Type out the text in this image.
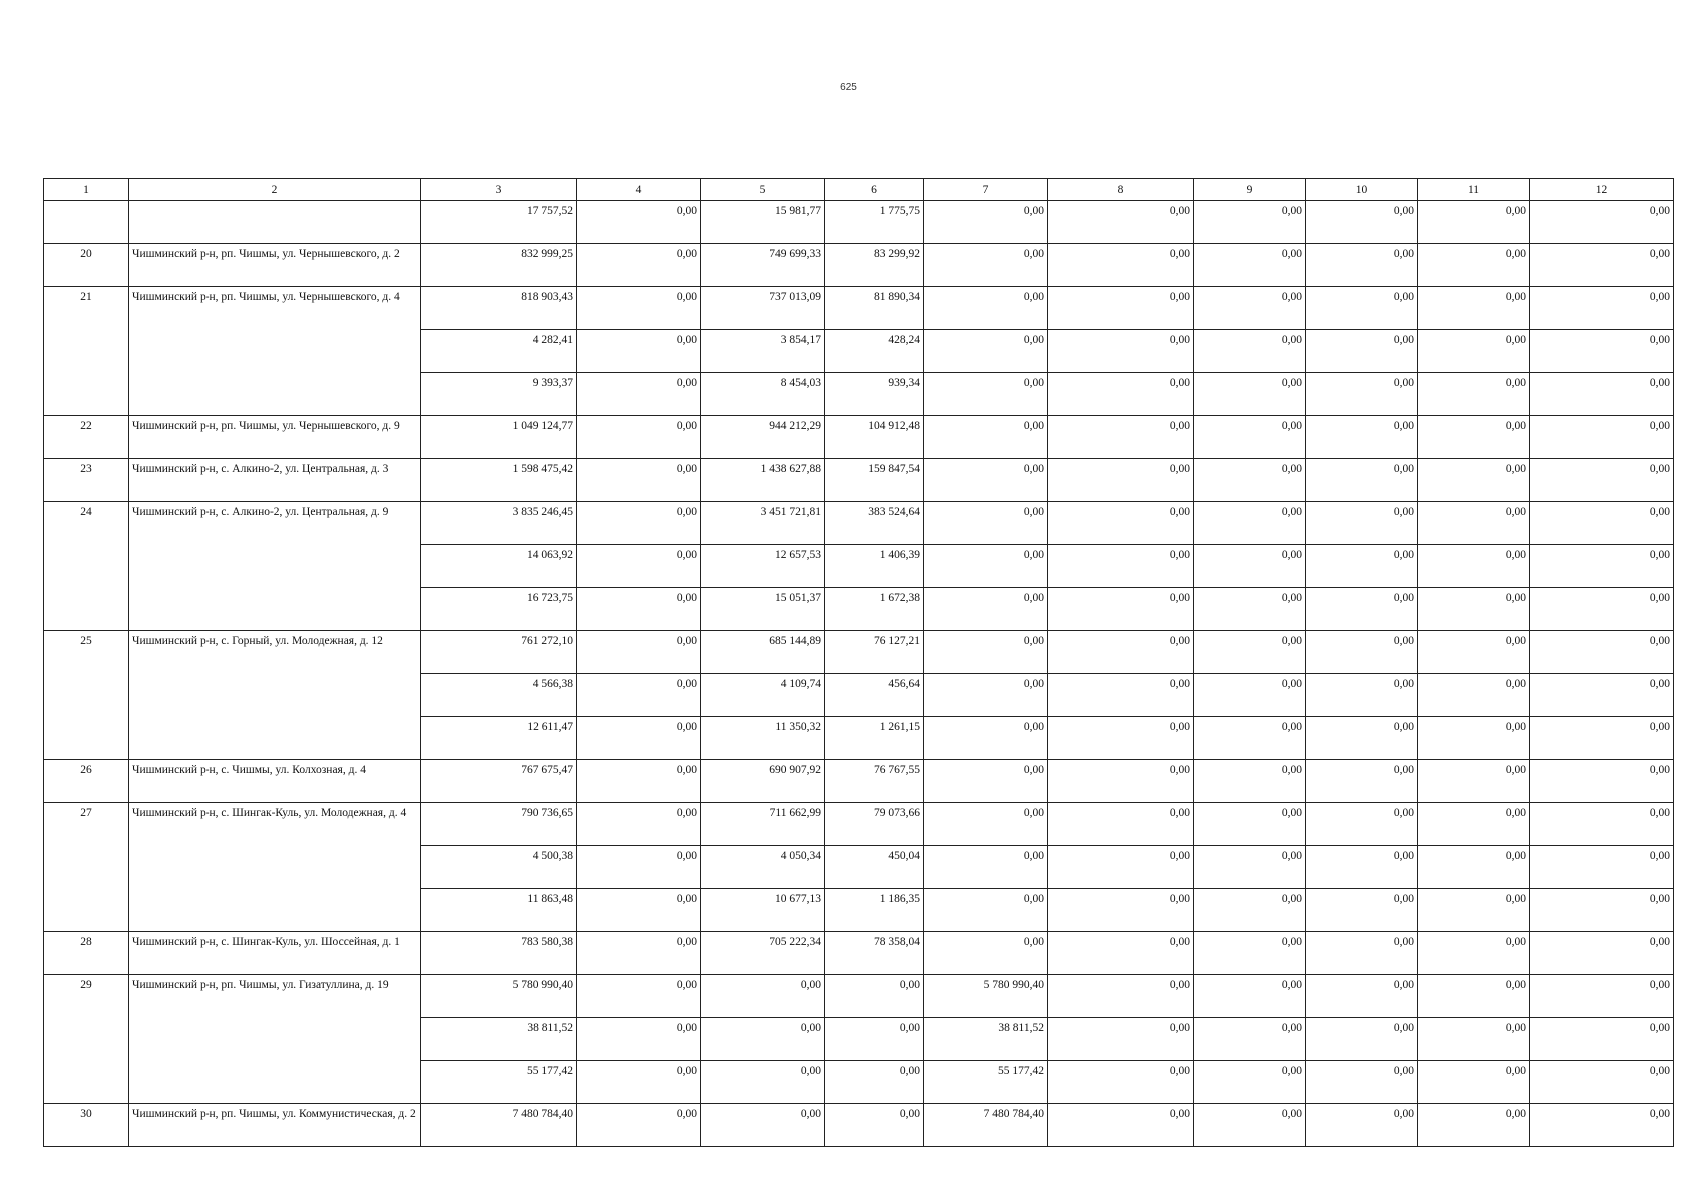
625
1	2	3	4	5	6	7	8	9	10	11	12
		17 757,52	0,00	15 981,77	1 775,75	0,00	0,00	0,00	0,00	0,00	0,00
20	Чишминский р-н, рп. Чишмы, ул. Чернышевского, д. 2	832 999,25	0,00	749 699,33	83 299,92	0,00	0,00	0,00	0,00	0,00	0,00
21	Чишминский р-н, рп. Чишмы, ул. Чернышевского, д. 4	818 903,43	0,00	737 013,09	81 890,34	0,00	0,00	0,00	0,00	0,00	0,00
		4 282,41	0,00	3 854,17	428,24	0,00	0,00	0,00	0,00	0,00	0,00
		9 393,37	0,00	8 454,03	939,34	0,00	0,00	0,00	0,00	0,00	0,00
22	Чишминский р-н, рп. Чишмы, ул. Чернышевского, д. 9	1 049 124,77	0,00	944 212,29	104 912,48	0,00	0,00	0,00	0,00	0,00	0,00
23	Чишминский р-н, с. Алкино-2, ул. Центральная, д. 3	1 598 475,42	0,00	1 438 627,88	159 847,54	0,00	0,00	0,00	0,00	0,00	0,00
24	Чишминский р-н, с. Алкино-2, ул. Центральная, д. 9	3 835 246,45	0,00	3 451 721,81	383 524,64	0,00	0,00	0,00	0,00	0,00	0,00
		14 063,92	0,00	12 657,53	1 406,39	0,00	0,00	0,00	0,00	0,00	0,00
		16 723,75	0,00	15 051,37	1 672,38	0,00	0,00	0,00	0,00	0,00	0,00
25	Чишминский р-н, с. Горный, ул. Молодежная, д. 12	761 272,10	0,00	685 144,89	76 127,21	0,00	0,00	0,00	0,00	0,00	0,00
		4 566,38	0,00	4 109,74	456,64	0,00	0,00	0,00	0,00	0,00	0,00
		12 611,47	0,00	11 350,32	1 261,15	0,00	0,00	0,00	0,00	0,00	0,00
26	Чишминский р-н, с. Чишмы, ул. Колхозная, д. 4	767 675,47	0,00	690 907,92	76 767,55	0,00	0,00	0,00	0,00	0,00	0,00
27	Чишминский р-н, с. Шингак-Куль, ул. Молодежная, д. 4	790 736,65	0,00	711 662,99	79 073,66	0,00	0,00	0,00	0,00	0,00	0,00
		4 500,38	0,00	4 050,34	450,04	0,00	0,00	0,00	0,00	0,00	0,00
		11 863,48	0,00	10 677,13	1 186,35	0,00	0,00	0,00	0,00	0,00	0,00
28	Чишминский р-н, с. Шингак-Куль, ул. Шоссейная, д. 1	783 580,38	0,00	705 222,34	78 358,04	0,00	0,00	0,00	0,00	0,00	0,00
29	Чишминский р-н, рп. Чишмы, ул. Гизатуллина, д. 19	5 780 990,40	0,00	0,00	0,00	5 780 990,40	0,00	0,00	0,00	0,00	0,00
		38 811,52	0,00	0,00	0,00	38 811,52	0,00	0,00	0,00	0,00	0,00
		55 177,42	0,00	0,00	0,00	55 177,42	0,00	0,00	0,00	0,00	0,00
30	Чишминский р-н, рп. Чишмы, ул. Коммунистическая, д. 2	7 480 784,40	0,00	0,00	0,00	7 480 784,40	0,00	0,00	0,00	0,00	0,00
